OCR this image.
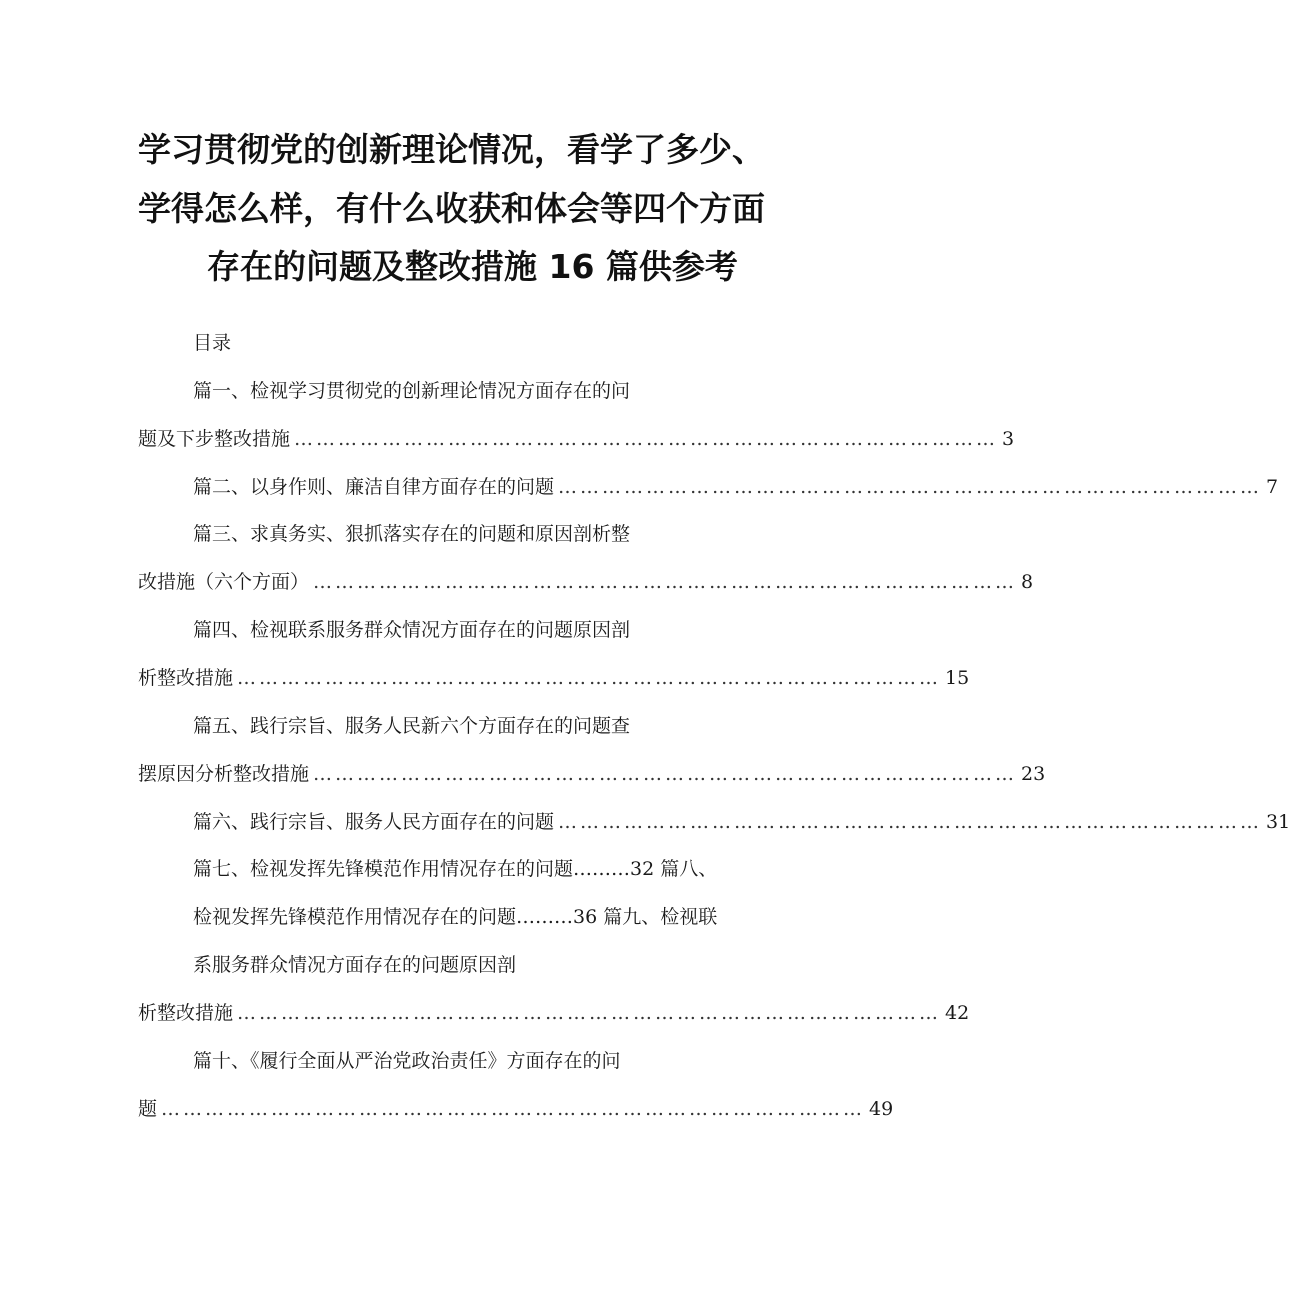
学习贯彻党的创新理论情况，看学了多少、
学得怎么样，有什么收获和体会等四个方面
存在的问题及整改措施 16 篇供参考
目录
篇一、检视学习贯彻党的创新理论情况方面存在的问
题及下步整改措施 …………………………………………………………………………………… 3
篇二、以身作则、廉洁自律方面存在的问题 …………………………………………………………………………………… 7
篇三、求真务实、狠抓落实存在的问题和原因剖析整
改措施（六个方面） …………………………………………………………………………………… 8
篇四、检视联系服务群众情况方面存在的问题原因剖
析整改措施 …………………………………………………………………………………… 15
篇五、践行宗旨、服务人民新六个方面存在的问题查
摆原因分析整改措施 …………………………………………………………………………………… 23
篇六、践行宗旨、服务人民方面存在的问题 …………………………………………………………………………………… 31
篇七、检视发挥先锋模范作用情况存在的问题………32 篇八、
检视发挥先锋模范作用情况存在的问题………36 篇九、检视联
系服务群众情况方面存在的问题原因剖
析整改措施 …………………………………………………………………………………… 42
篇十、《履行全面从严治党政治责任》方面存在的问
题 …………………………………………………………………………………… 49
